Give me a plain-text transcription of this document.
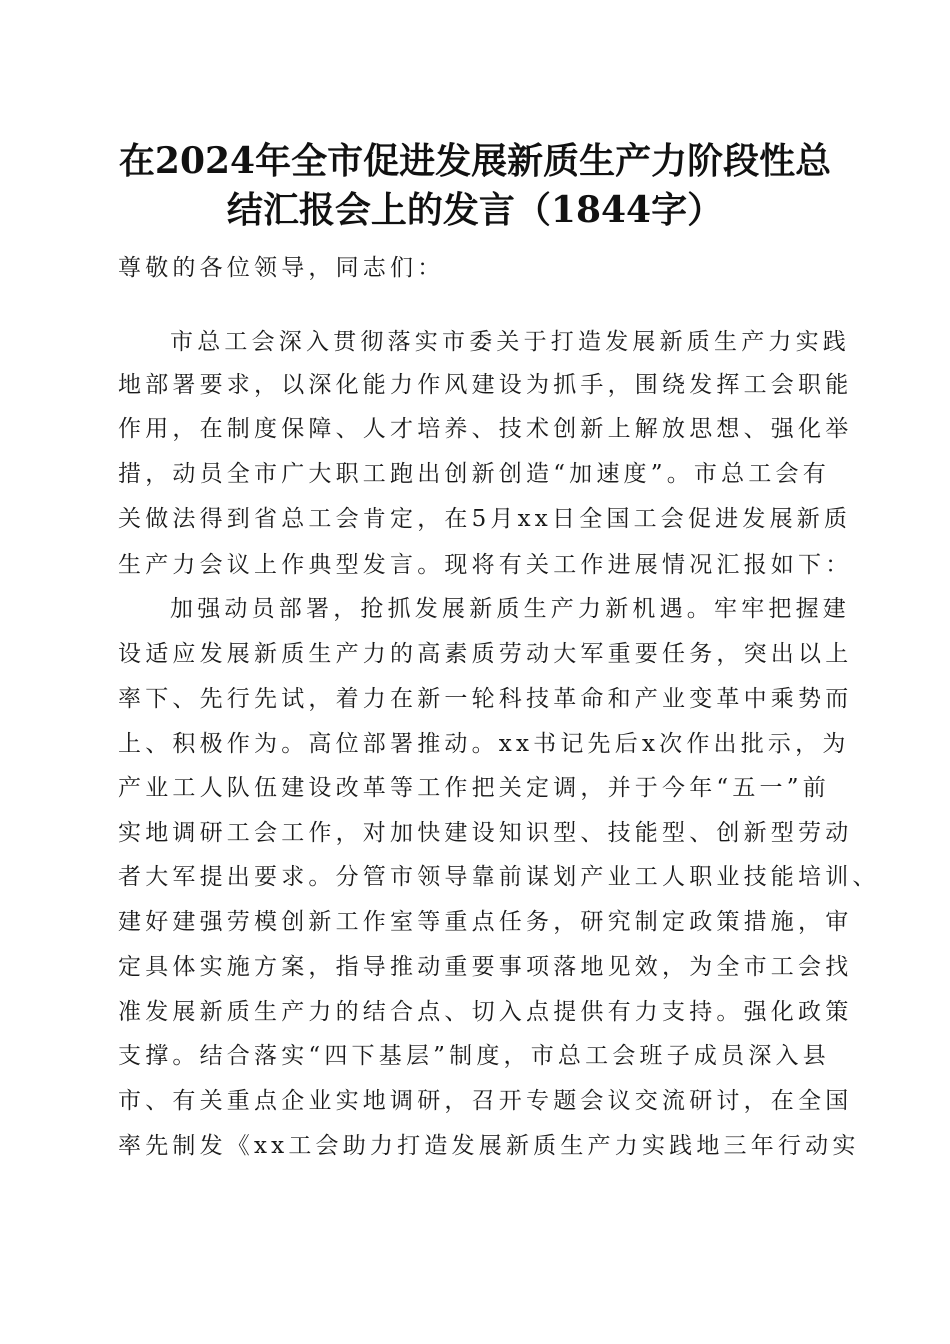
在2024年全市促进发展新质生产力阶段性总
结汇报会上的发言（1844字）
尊敬的各位领导，同志们：
市总工会深入贯彻落实市委关于打造发展新质生产力实践
地部署要求，以深化能力作风建设为抓手，围绕发挥工会职能
作用，在制度保障、人才培养、技术创新上解放思想、强化举
措，动员全市广大职工跑出创新创造“加速度”。市总工会有
关做法得到省总工会肯定，在5月xx日全国工会促进发展新质
生产力会议上作典型发言。现将有关工作进展情况汇报如下：
加强动员部署，抢抓发展新质生产力新机遇。牢牢把握建
设适应发展新质生产力的高素质劳动大军重要任务，突出以上
率下、先行先试，着力在新一轮科技革命和产业变革中乘势而
上、积极作为。高位部署推动。xx书记先后x次作出批示，为
产业工人队伍建设改革等工作把关定调，并于今年“五一”前
实地调研工会工作，对加快建设知识型、技能型、创新型劳动
者大军提出要求。分管市领导靠前谋划产业工人职业技能培训、
建好建强劳模创新工作室等重点任务，研究制定政策措施，审
定具体实施方案，指导推动重要事项落地见效，为全市工会找
准发展新质生产力的结合点、切入点提供有力支持。强化政策
支撑。结合落实“四下基层”制度，市总工会班子成员深入县
市、有关重点企业实地调研，召开专题会议交流研讨，在全国
率先制发《xx工会助力打造发展新质生产力实践地三年行动实
